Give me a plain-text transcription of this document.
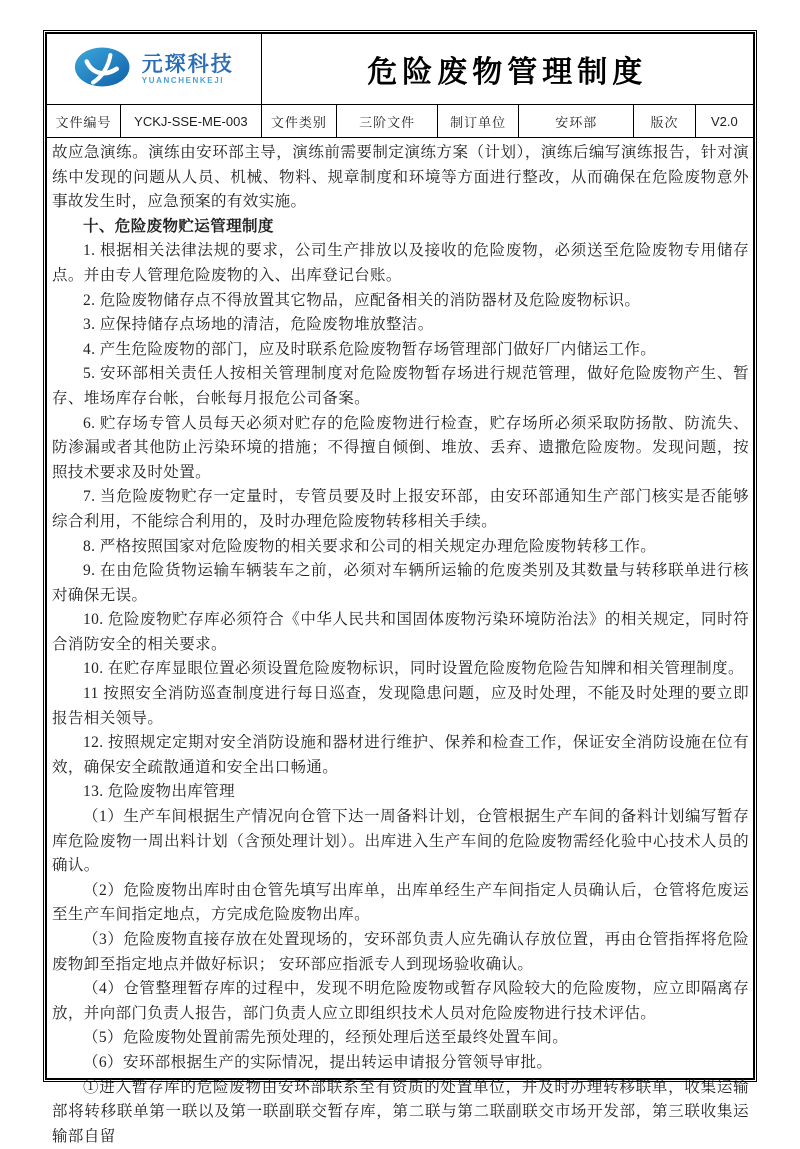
元琛科技
YUANCHENKEJI	危险废物管理制度
文件编号 YCKJ-SSE-ME-003 文件类别 三阶文件	制订单位	安环部	版次 V2.0

故应急演练。演练由安环部主导，演练前需要制定演练方案（计划），演练后编写演练报告，针对演练中发现的问题从人员、机械、物料、规章制度和环境等方面进行整改，从而确保在危险废物意外事故发生时，应急预案的有效实施。

十、危险废物贮运管理制度

1. 根据相关法律法规的要求，公司生产排放以及接收的危险废物，必须送至危险废物专用储存点。并由专人管理危险废物的入、出库登记台账。

2. 危险废物储存点不得放置其它物品，应配备相关的消防器材及危险废物标识。

3. 应保持储存点场地的清洁，危险废物堆放整洁。

4. 产生危险废物的部门，应及时联系危险废物暂存场管理部门做好厂内储运工作。

5. 安环部相关责任人按相关管理制度对危险废物暂存场进行规范管理，做好危险废物产生、暂存、堆场库存台帐，台帐每月报危公司备案。

6. 贮存场专管人员每天必须对贮存的危险废物进行检查，贮存场所必须采取防扬散、防流失、防渗漏或者其他防止污染环境的措施；不得擅自倾倒、堆放、丢弃、遗撒危险废物。发现问题，按照技术要求及时处置。

7. 当危险废物贮存一定量时，专管员要及时上报安环部，由安环部通知生产部门核实是否能够综合利用，不能综合利用的，及时办理危险废物转移相关手续。

8. 严格按照国家对危险废物的相关要求和公司的相关规定办理危险废物转移工作。

9. 在由危险货物运输车辆装车之前，必须对车辆所运输的危废类别及其数量与转移联单进行核对确保无误。

10. 危险废物贮存库必须符合《中华人民共和国固体废物污染环境防治法》的相关规定，同时符合消防安全的相关要求。

10. 在贮存库显眼位置必须设置危险废物标识，同时设置危险废物危险告知牌和相关管理制度。

11 按照安全消防巡查制度进行每日巡查，发现隐患问题，应及时处理，不能及时处理的要立即报告相关领导。

12. 按照规定定期对安全消防设施和器材进行维护、保养和检查工作，保证安全消防设施在位有效，确保安全疏散通道和安全出口畅通。

13. 危险废物出库管理

（1）生产车间根据生产情况向仓管下达一周备料计划，仓管根据生产车间的备料计划编写暂存库危险废物一周出料计划（含预处理计划）。出库进入生产车间的危险废物需经化验中心技术人员的确认。

（2）危险废物出库时由仓管先填写出库单，出库单经生产车间指定人员确认后，仓管将危废运至生产车间指定地点，方完成危险废物出库。

（3）危险废物直接存放在处置现场的，安环部负责人应先确认存放位置，再由仓管指挥将危险废物卸至指定地点并做好标识； 安环部应指派专人到现场验收确认。

（4）仓管整理暂存库的过程中，发现不明危险废物或暂存风险较大的危险废物，应立即隔离存放，并向部门负责人报告，部门负责人应立即组织技术人员对危险废物进行技术评估。

（5）危险废物处置前需先预处理的，经预处理后送至最终处置车间。

（6）安环部根据生产的实际情况，提出转运申请报分管领导审批。

①进入暂存库的危险废物由安环部联系至有资质的处置单位，并及时办理转移联单，收集运输部将转移联单第一联以及第一联副联交暂存库，第二联与第二联副联交市场开发部，第三联收集运输部自留
